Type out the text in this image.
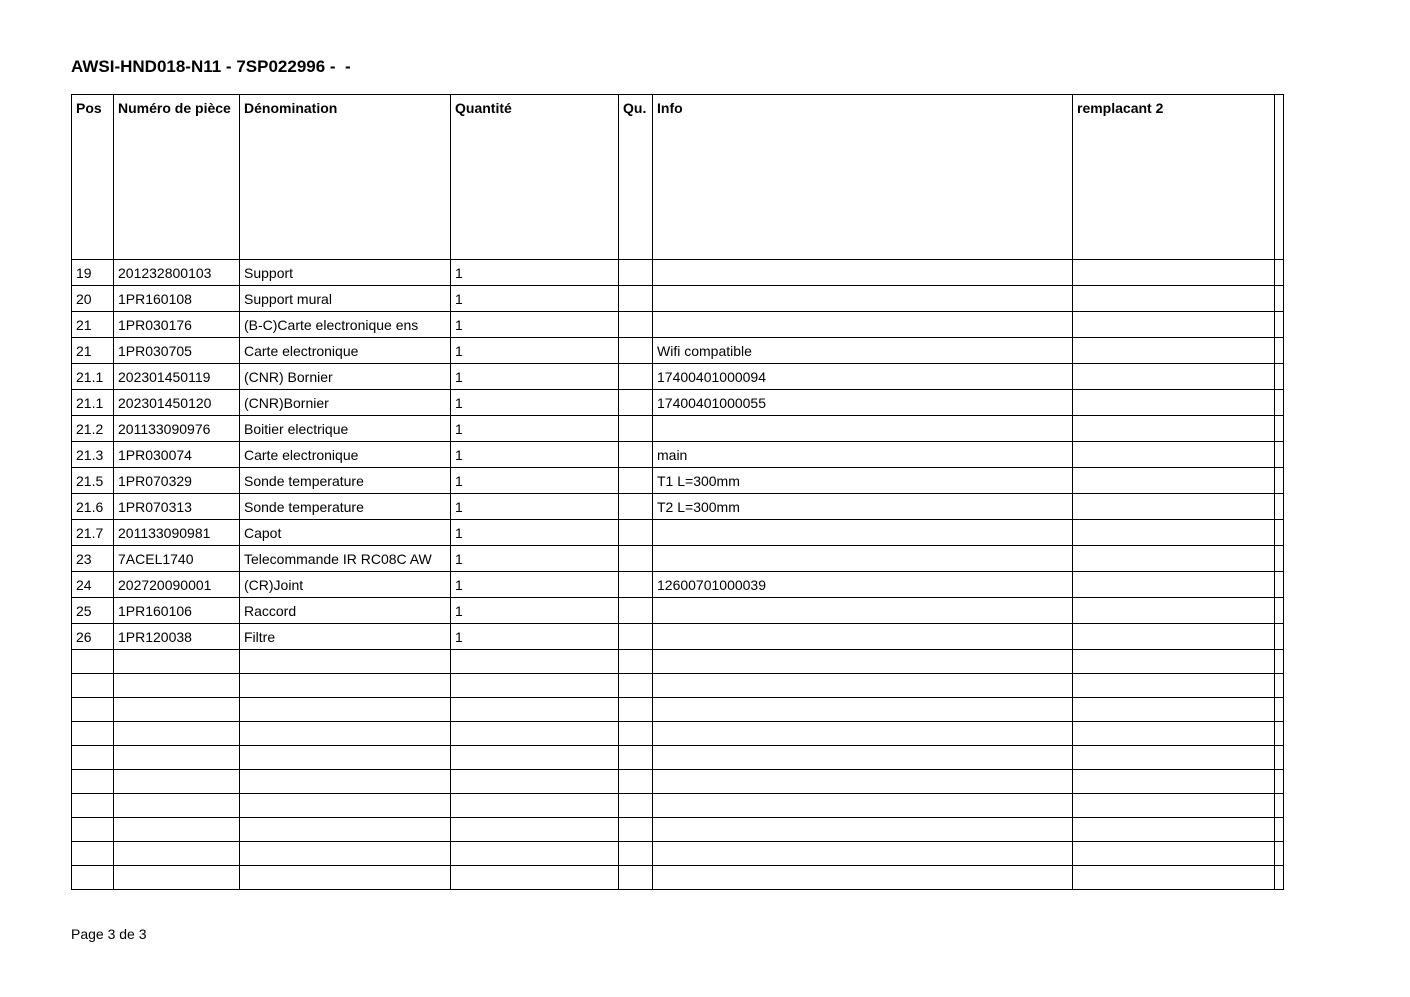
AWSI-HND018-N11 - 7SP022996 -  -
Pos	Numéro de pièce	Dénomination	Quantité	Qu.	Info	remplacant 2	
19	201232800103	Support	1				
20	1PR160108	Support mural	1				
21	1PR030176	(B-C)Carte electronique ens	1				
21	1PR030705	Carte electronique	1		Wifi compatible		
21.1	202301450119	(CNR) Bornier	1		17400401000094		
21.1	202301450120	(CNR)Bornier	1		17400401000055		
21.2	201133090976	Boitier electrique	1				
21.3	1PR030074	Carte electronique	1		main		
21.5	1PR070329	Sonde temperature	1		T1 L=300mm		
21.6	1PR070313	Sonde temperature	1		T2 L=300mm		
21.7	201133090981	Capot	1				
23	7ACEL1740	Telecommande IR RC08C AW	1				
24	202720090001	(CR)Joint	1		12600701000039		
25	1PR160106	Raccord	1				
26	1PR120038	Filtre	1				

Page 3 de 3
